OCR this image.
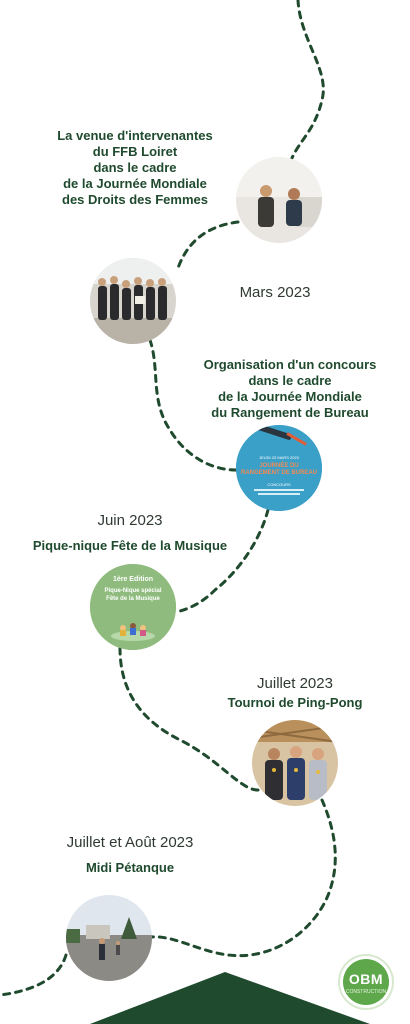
La venue d'intervenantes
du FFB Loiret
dans le cadre
de la Journée Mondiale
des Droits des Femmes
Mars 2023
Organisation d'un concours
dans le cadre
de la Journée Mondiale
du Rangement de Bureau
JEUDI 23 MARS 2023
JOURNÉE DU
RANGEMENT DE BUREAU
CONCOURS
Juin 2023
Pique-nique Fête de la Musique
1ère Edition
Pique-Nique spécial
Fête de la Musique
Juillet 2023
Tournoi de Ping-Pong
Juillet et Août 2023
Midi Pétanque
OBM
CONSTRUCTION
